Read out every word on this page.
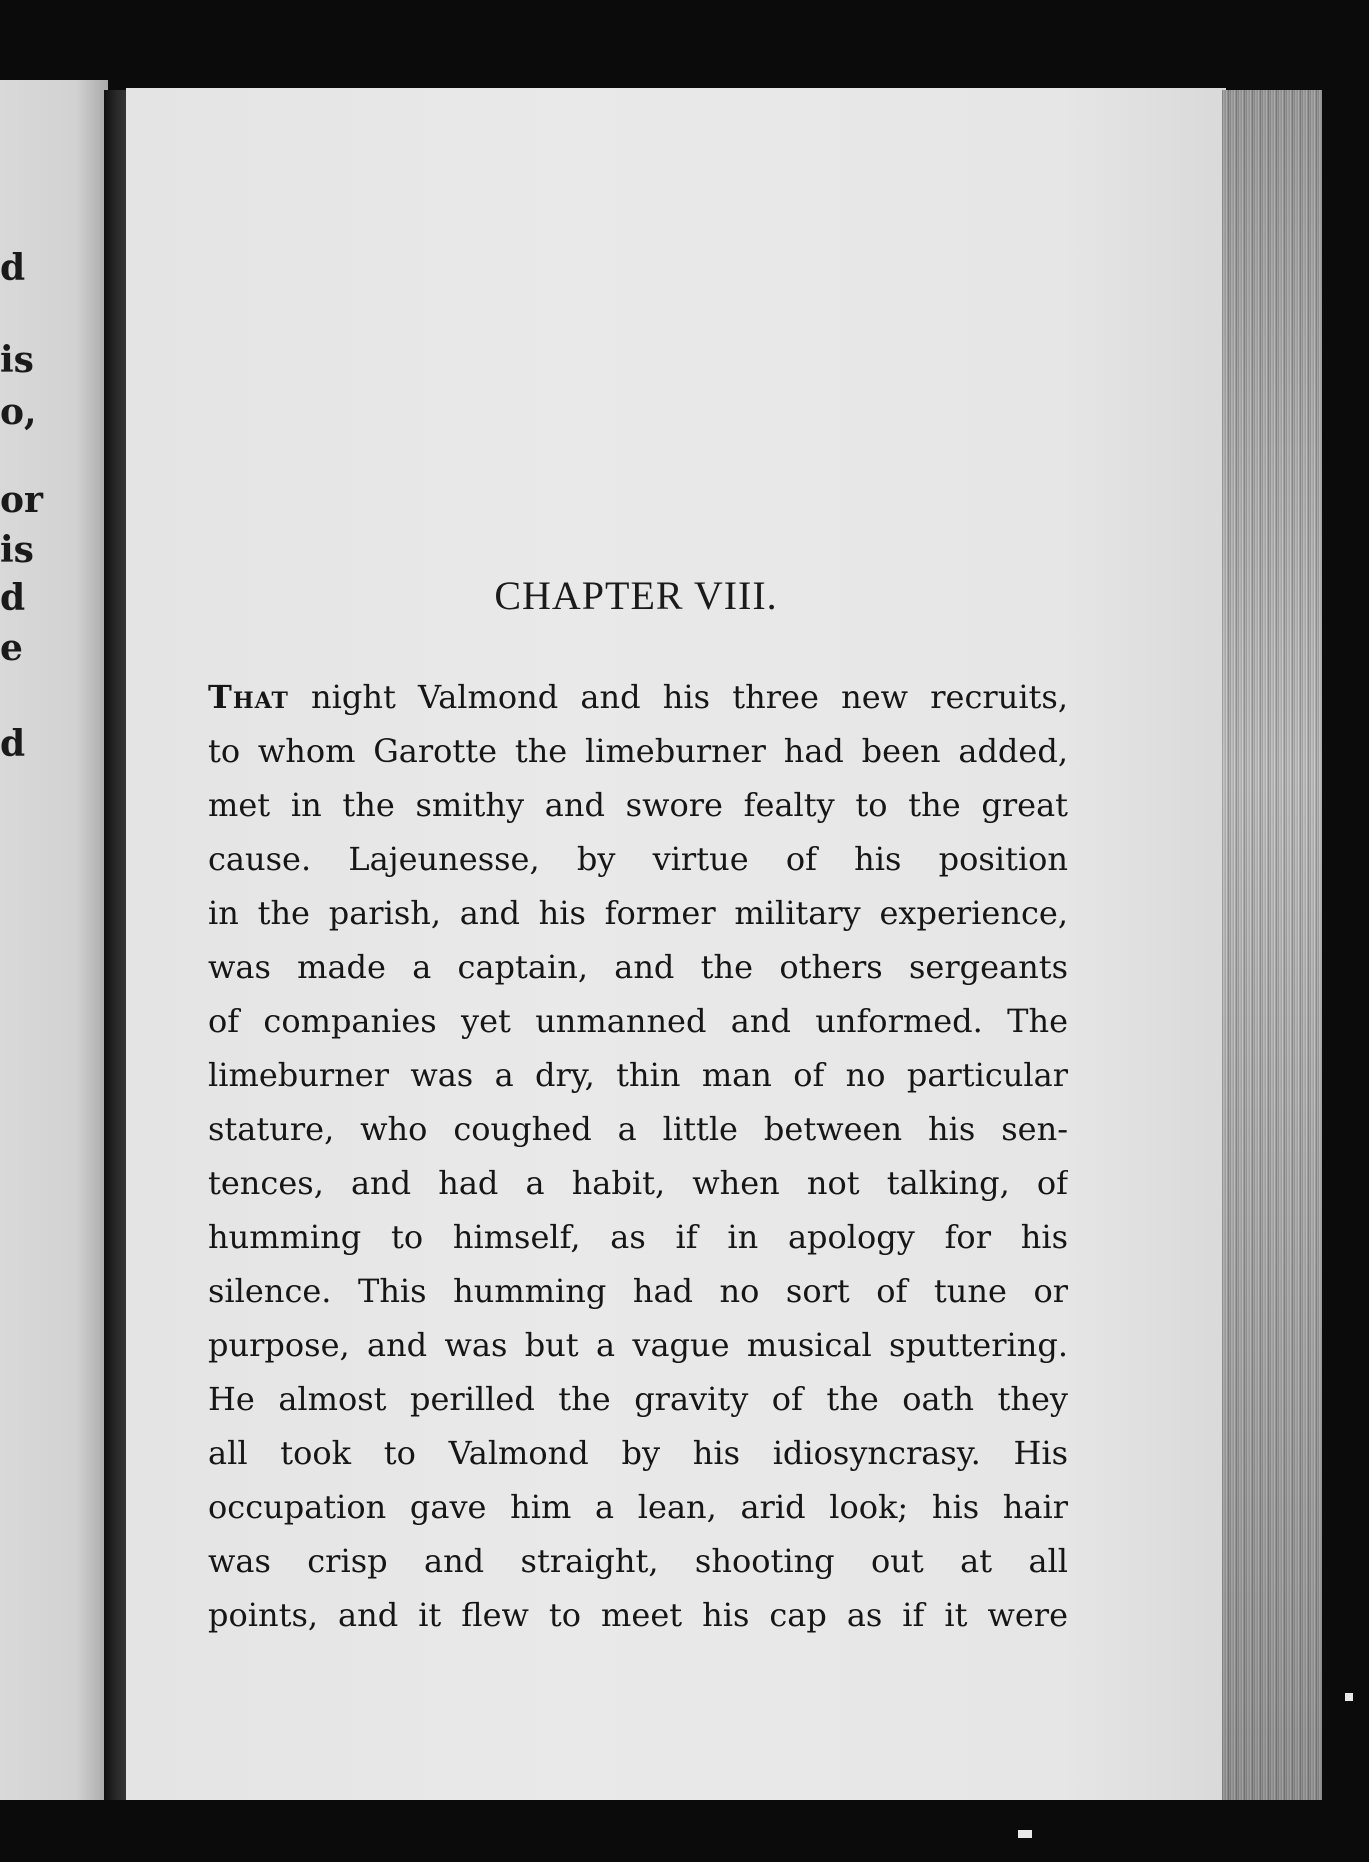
d
is
o,
or
is
d
e
d
CHAPTER VIII.
That night Valmond and his three new recruits,
to whom Garotte the limeburner had been added,
met in the smithy and swore fealty to the great
cause. Lajeunesse, by virtue of his position
in the parish, and his former military experience,
was made a captain, and the others sergeants
of companies yet unmanned and unformed. The
limeburner was a dry, thin man of no particular
stature, who coughed a little between his sen-
tences, and had a habit, when not talking, of
humming to himself, as if in apology for his
silence. This humming had no sort of tune or
purpose, and was but a vague musical sputtering.
He almost perilled the gravity of the oath they
all took to Valmond by his idiosyncrasy. His
occupation gave him a lean, arid look; his hair
was crisp and straight, shooting out at all
points, and it flew to meet his cap as if it were
